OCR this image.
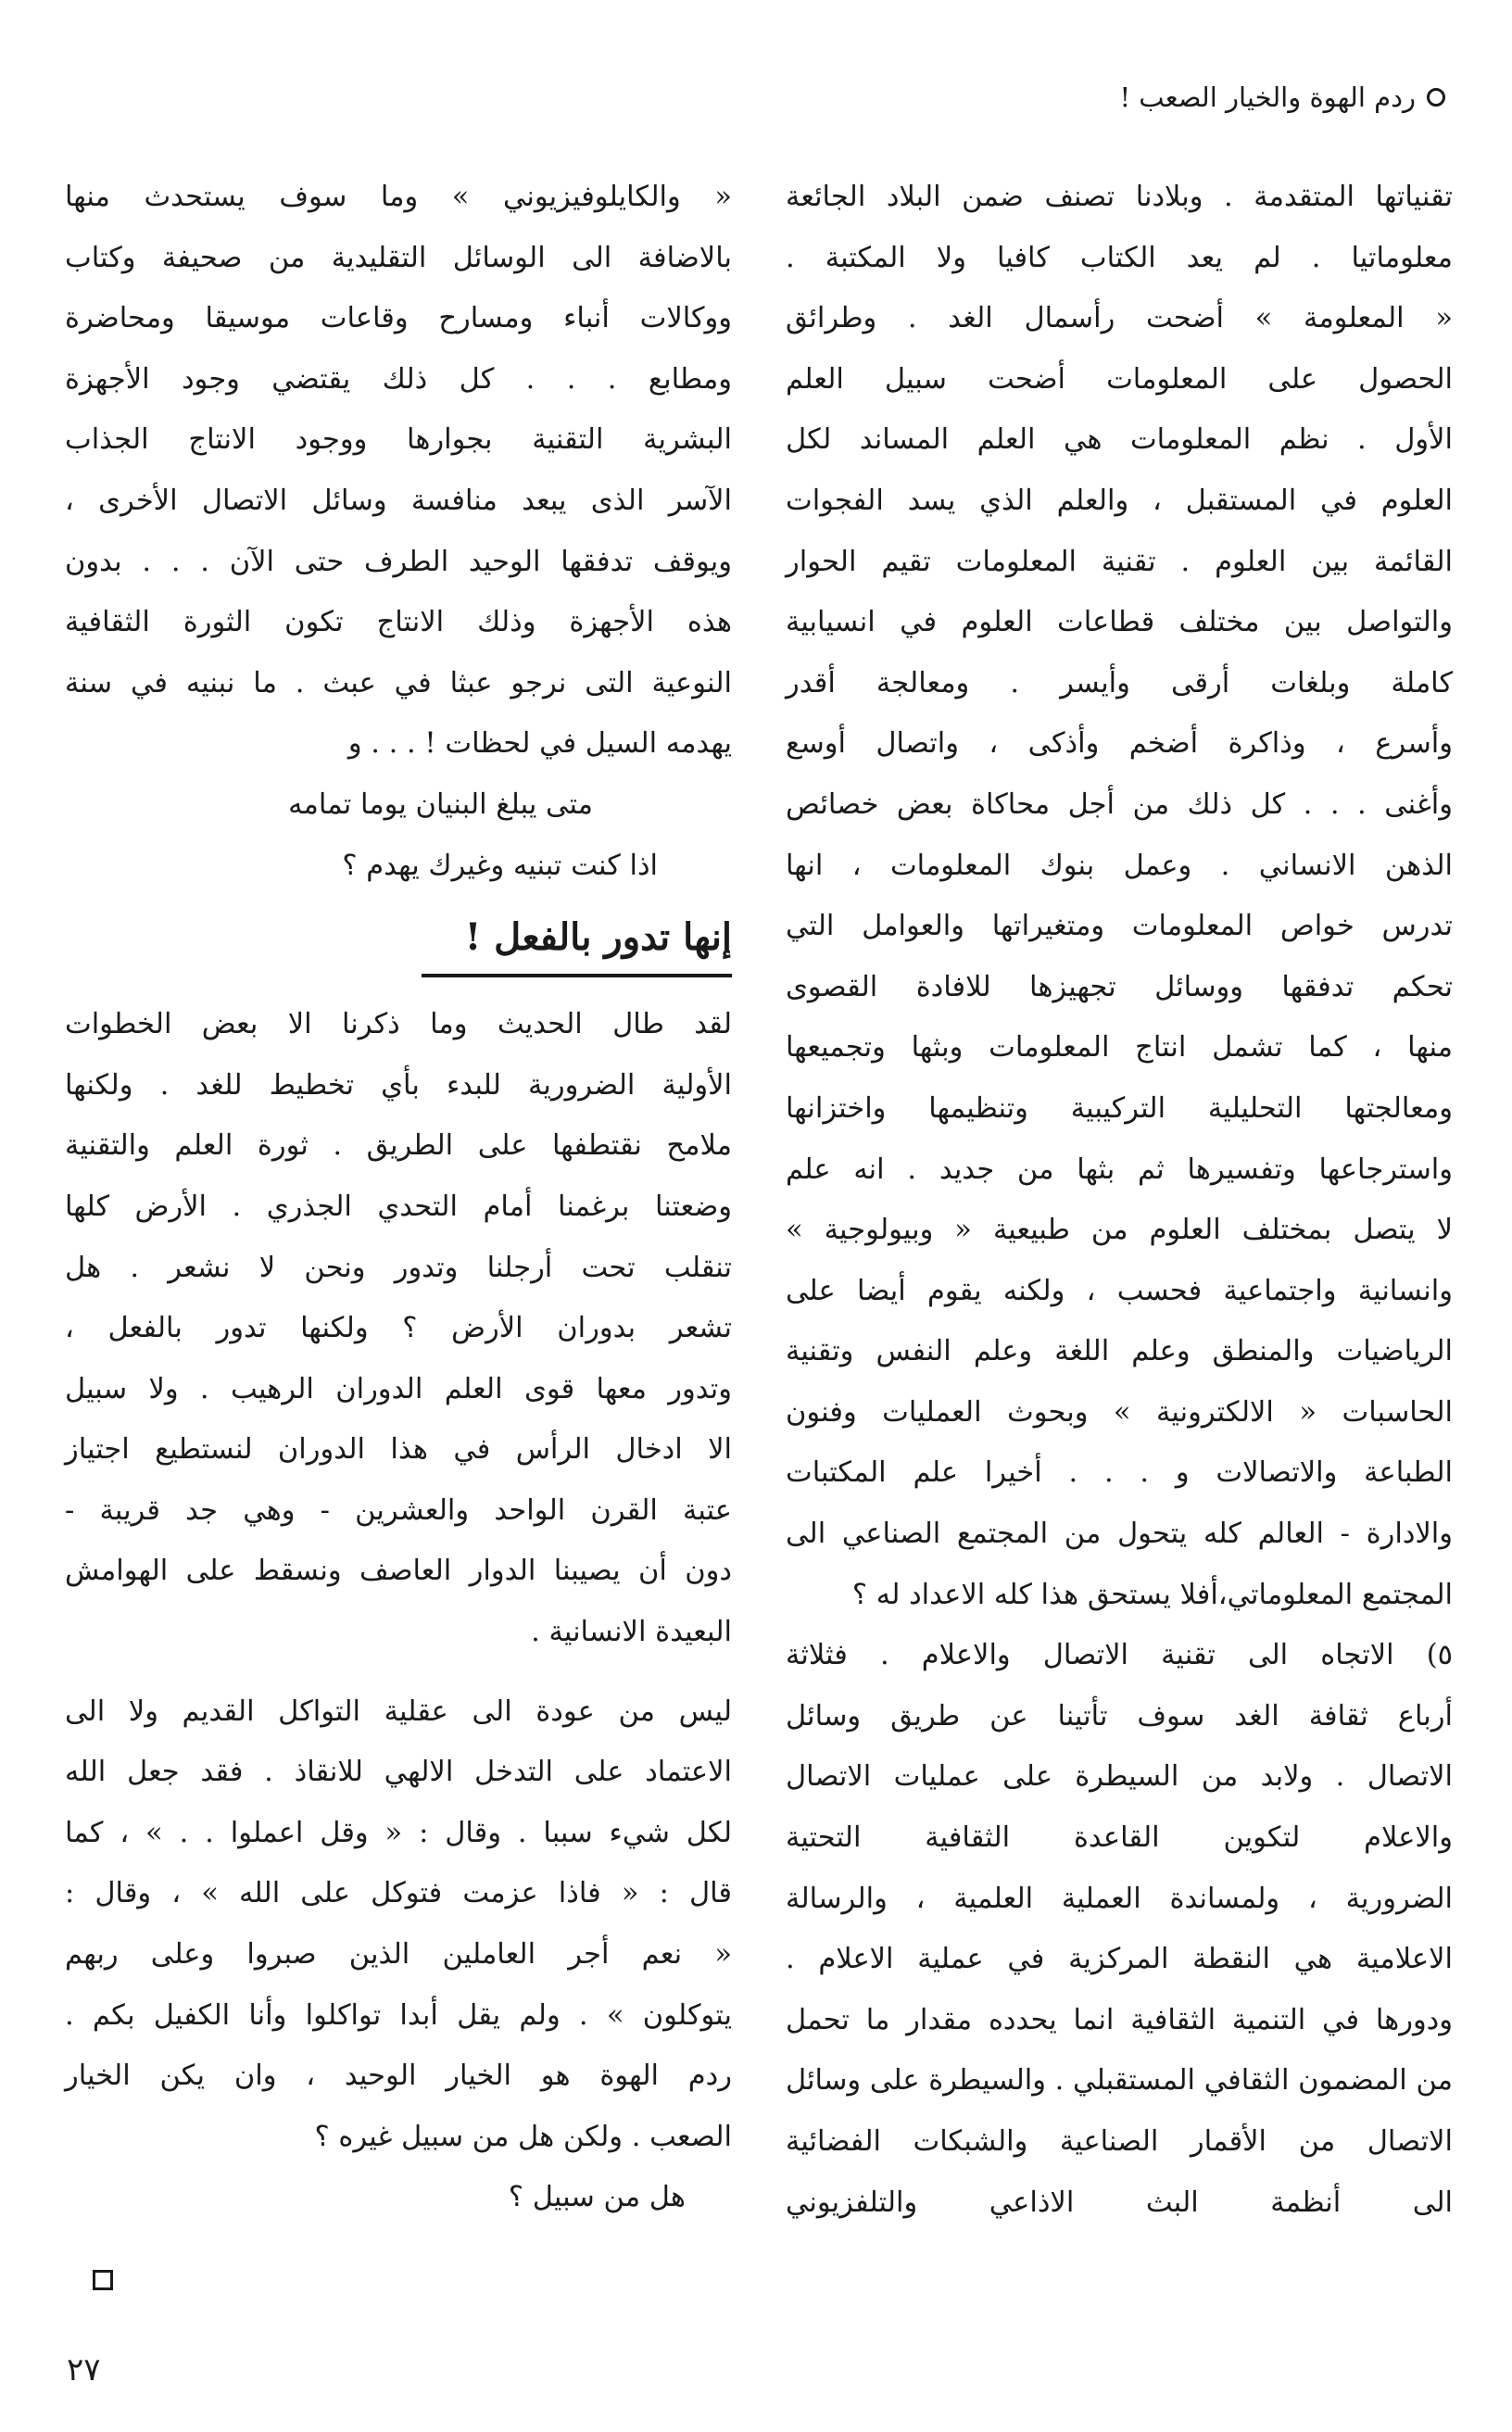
ردم الهوة والخيار الصعب !
تقنياتها المتقدمة . وبلادنا تصنف ضمن البلاد الجائعة
معلوماتيا . لم يعد الكتاب كافيا ولا المكتبة .
« المعلومة » أضحت رأسمال الغد . وطرائق
الحصول على المعلومات أضحت سبيل العلم
الأول . نظم المعلومات هي العلم المساند لكل
العلوم في المستقبل ، والعلم الذي يسد الفجوات
القائمة بين العلوم . تقنية المعلومات تقيم الحوار
والتواصل بين مختلف قطاعات العلوم في انسيابية
كاملة وبلغات أرقى وأيسر . ومعالجة أقدر
وأسرع ، وذاكرة أضخم وأذكى ، واتصال أوسع
وأغنى . . . كل ذلك من أجل محاكاة بعض خصائص
الذهن الانساني . وعمل بنوك المعلومات ، انها
تدرس خواص المعلومات ومتغيراتها والعوامل التي
تحكم تدفقها ووسائل تجهيزها للافادة القصوى
منها ، كما تشمل انتاج المعلومات وبثها وتجميعها
ومعالجتها التحليلية التركيبية وتنظيمها واختزانها
واسترجاعها وتفسيرها ثم بثها من جديد . انه علم
لا يتصل بمختلف العلوم من طبيعية « وبيولوجية »
وانسانية واجتماعية فحسب ، ولكنه يقوم أيضا على
الرياضيات والمنطق وعلم اللغة وعلم النفس وتقنية
الحاسبات « الالكترونية » وبحوث العمليات وفنون
الطباعة والاتصالات و . . . أخيرا علم المكتبات
والادارة - العالم كله يتحول من المجتمع الصناعي الى
المجتمع المعلوماتي،أفلا يستحق هذا كله الاعداد له ؟
٥) الاتجاه الى تقنية الاتصال والاعلام . فثلاثة
أرباع ثقافة الغد سوف تأتينا عن طريق وسائل
الاتصال . ولابد من السيطرة على عمليات الاتصال
والاعلام لتكوين القاعدة الثقافية التحتية
الضرورية ، ولمساندة العملية العلمية ، والرسالة
الاعلامية هي النقطة المركزية في عملية الاعلام .
ودورها في التنمية الثقافية انما يحدده مقدار ما تحمل
من المضمون الثقافي المستقبلي . والسيطرة على وسائل
الاتصال من الأقمار الصناعية والشبكات الفضائية
الى أنظمة البث الاذاعي والتلفزيوني
« والكايلوفيزيوني » وما سوف يستحدث منها
بالاضافة الى الوسائل التقليدية من صحيفة وكتاب
ووكالات أنباء ومسارح وقاعات موسيقا ومحاضرة
ومطابع . . . كل ذلك يقتضي وجود الأجهزة
البشرية التقنية بجوارها ووجود الانتاج الجذاب
الآسر الذى يبعد منافسة وسائل الاتصال الأخرى ،
ويوقف تدفقها الوحيد الطرف حتى الآن . . . بدون
هذه الأجهزة وذلك الانتاج تكون الثورة الثقافية
النوعية التى نرجو عبثا في عبث . ما نبنيه في سنة
يهدمه السيل في لحظات ! . . . و
متى يبلغ البنيان يوما تمامه
اذا كنت تبنيه وغيرك يهدم ؟
إنها تدور بالفعل !
لقد طال الحديث وما ذكرنا الا بعض الخطوات
الأولية الضرورية للبدء بأي تخطيط للغد . ولكنها
ملامح نقتطفها على الطريق . ثورة العلم والتقنية
وضعتنا برغمنا أمام التحدي الجذري . الأرض كلها
تنقلب تحت أرجلنا وتدور ونحن لا نشعر . هل
تشعر بدوران الأرض ؟ ولكنها تدور بالفعل ،
وتدور معها قوى العلم الدوران الرهيب . ولا سبيل
الا ادخال الرأس في هذا الدوران لنستطيع اجتياز
عتبة القرن الواحد والعشرين - وهي جد قريبة -
دون أن يصيبنا الدوار العاصف ونسقط على الهوامش
البعيدة الانسانية .
ليس من عودة الى عقلية التواكل القديم ولا الى
الاعتماد على التدخل الالهي للانقاذ . فقد جعل الله
لكل شيء سببا . وقال : « وقل اعملوا . . » ، كما
قال : « فاذا عزمت فتوكل على الله » ، وقال :
« نعم أجر العاملين الذين صبروا وعلى ربهم
يتوكلون » . ولم يقل أبدا تواكلوا وأنا الكفيل بكم .
ردم الهوة هو الخيار الوحيد ، وان يكن الخيار
الصعب . ولكن هل من سبيل غيره ؟
هل من سبيل ؟
٢٧
